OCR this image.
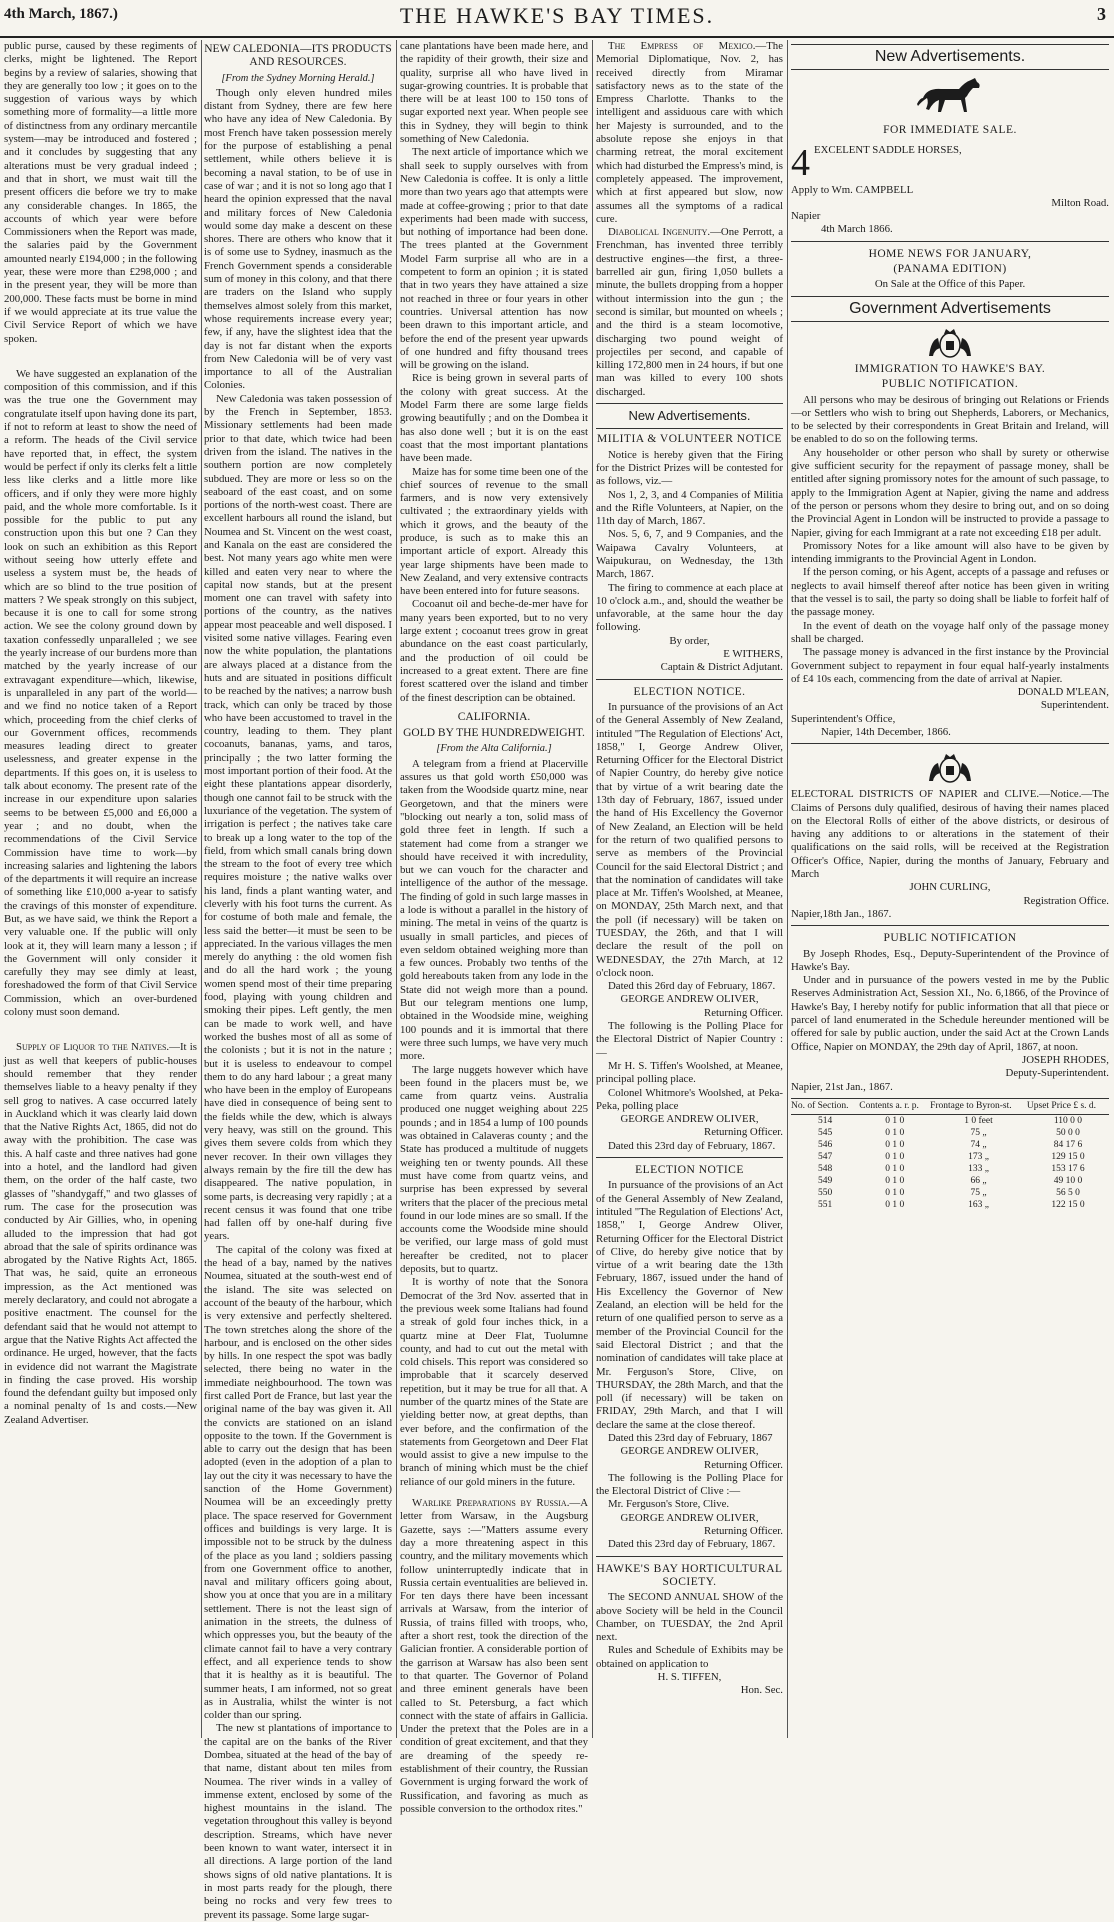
4th March, 1867.)	THE HAWKE'S BAY TIMES.	3

public purse, caused by these regiments of clerks, might be lightened. The Report begins by a review of salaries, showing that they are generally too low ; it goes on to the suggestion of various ways by which something more of formality—a little more of distinctness from any ordinary mercantile system—may be introduced and fostered ; and it concludes by suggesting that any alterations must be very gradual indeed ; and that in short, we must wait till the present officers die before we try to make any considerable changes. In 1865, the accounts of which year were before Commissioners when the Report was made, the salaries paid by the Government amounted nearly £194,000 ; in the following year, these were more than £298,000 ; and in the present year, they will be more than 200,000. These facts must be borne in mind if we would appreciate at its true value the Civil Service Report of which we have spoken.

We have suggested an explanation of the composition of this commission, and if this was the true one the Government may congratulate itself upon having done its part, if not to reform at least to show the need of a reform. The heads of the Civil service have reported that, in effect, the system would be perfect if only its clerks felt a little less like clerks and a little more like officers, and if only they were more highly paid, and the whole more comfortable. Is it possible for the public to put any construction upon this but one ? Can they look on such an exhibition as this Report without seeing how utterly effete and useless a system must be, the heads of which are so blind to the true position of matters ? We speak strongly on this subject, because it is one to call for some strong action. We see the colony ground down by taxation confessedly unparalleled ; we see the yearly increase of our burdens more than matched by the yearly increase of our extravagant expenditure—which, likewise, is unparalleled in any part of the world—and we find no notice taken of a Report which, proceeding from the chief clerks of our Government offices, recommends measures leading direct to greater uselessness, and greater expense in the departments. If this goes on, it is useless to talk about economy. The present rate of the increase in our expenditure upon salaries seems to be between £5,000 and £6,000 a year ; and no doubt, when the recommendations of the Civil Service Commission have time to work—by increasing salaries and lightening the labors of the departments it will require an increase of something like £10,000 a-year to satisfy the cravings of this monster of expenditure. But, as we have said, we think the Report a very valuable one. If the public will only look at it, they will learn many a lesson ; if the Government will only consider it carefully they may see dimly at least, foreshadowed the form of that Civil Service Commission, which an over-burdened colony must soon demand.

Supply of Liquor to the Natives.—It is just as well that keepers of public-houses should remember that they render themselves liable to a heavy penalty if they sell grog to natives. A case occurred lately in Auckland which it was clearly laid down that the Native Rights Act, 1865, did not do away with the prohibition. The case was this. A half caste and three natives had gone into a hotel, and the landlord had given them, on the order of the half caste, two glasses of "shandygaff," and two glasses of rum. The case for the prosecution was conducted by Air Gillies, who, in opening alluded to the impression that had got abroad that the sale of spirits ordinance was abrogated by the Native Rights Act, 1865. That was, he said, quite an erroneous impression, as the Act mentioned was merely declaratory, and could not abrogate a positive enactment. The counsel for the defendant said that he would not attempt to argue that the Native Rights Act affected the ordinance. He urged, however, that the facts in evidence did not warrant the Magistrate in finding the case proved. His worship found the defendant guilty but imposed only a nominal penalty of 1s and costs.—New Zealand Advertiser.

NEW CALEDONIA—ITS PRODUCTS AND RESOURCES.
[From the Sydney Morning Herald.]

Though only eleven hundred miles distant from Sydney, there are few here who have any idea of New Caledonia. By most French have taken possession merely for the purpose of establishing a penal settlement, while others believe it is becoming a naval station, to be of use in case of war ; and it is not so long ago that I heard the opinion expressed that the naval and military forces of New Caledonia would some day make a descent on these shores. There are others who know that it is of some use to Sydney, inasmuch as the French Government spends a considerable sum of money in this colony, and that there are traders on the Island who supply themselves almost solely from this market, whose requirements increase every year; few, if any, have the slightest idea that the day is not far distant when the exports from New Caledonia will be of very vast importance to all of the Australian Colonies.

New Caledonia was taken possession of by the French in September, 1853. Missionary settlements had been made prior to that date, which twice had been driven from the island. The natives in the southern portion are now completely subdued. They are more or less so on the seaboard of the east coast, and on some portions of the north-west coast. There are excellent harbours all round the island, but Noumea and St. Vincent on the west coast, and Kanala on the east are considered the best. Not many years ago white men were killed and eaten very near to where the capital now stands, but at the present moment one can travel with safety into portions of the country, as the natives appear most peaceable and well disposed. I visited some native villages. Fearing even now the white population, the plantations are always placed at a distance from the huts and are situated in positions difficult to be reached by the natives; a narrow bush track, which can only be traced by those who have been accustomed to travel in the country, leading to them. They plant cocoanuts, bananas, yams, and taros, principally ; the two latter forming the most important portion of their food. At the eight these plantations appear disorderly, though one cannot fail to be struck with the luxuriance of the vegetation. The system of irrigation is perfect ; the natives take care to break up a long water to the top of the field, from which small canals bring down the stream to the foot of every tree which requires moisture ; the native walks over his land, finds a plant wanting water, and cleverly with his foot turns the current. As for costume of both male and female, the less said the better—it must be seen to be appreciated. In the various villages the men merely do anything : the old women fish and do all the hard work ; the young women spend most of their time preparing food, playing with young children and smoking their pipes. Left gently, the men can be made to work well, and have worked the bushes most of all as some of the colonists ; but it is not in the nature ; but it is useless to endeavour to compel them to do any hard labour ; a great many who have been in the employ of Europeans have died in consequence of being sent to the fields while the dew, which is always very heavy, was still on the ground. This gives them severe colds from which they never recover. In their own villages they always remain by the fire till the dew has disappeared. The native population, in some parts, is decreasing very rapidly ; at a recent census it was found that one tribe had fallen off by one-half during five years.

The capital of the colony was fixed at the head of a bay, named by the natives Noumea, situated at the south-west end of the island. The site was selected on account of the beauty of the harbour, which is very extensive and perfectly sheltered. The town stretches along the shore of the harbour, and is enclosed on the other sides by hills. In one respect the spot was badly selected, there being no water in the immediate neighbourhood. The town was first called Port de France, but last year the original name of the bay was given it. All the convicts are stationed on an island opposite to the town. If the Government is able to carry out the design that has been adopted (even in the adoption of a plan to lay out the city it was necessary to have the sanction of the Home Government) Noumea will be an exceedingly pretty place. The space reserved for Government offices and buildings is very large. It is impossible not to be struck by the dulness of the place as you land ; soldiers passing from one Government office to another, naval and military officers going about, show you at once that you are in a military settlement. There is not the least sign of animation in the streets, the dulness of which oppresses you, but the beauty of the climate cannot fail to have a very contrary effect, and all experience tends to show that it is healthy as it is beautiful. The summer heats, I am informed, not so great as in Australia, whilst the winter is not colder than our spring.

The new st plantations of importance to the capital are on the banks of the River Dombea, situated at the head of the bay of that name, distant about ten miles from Noumea. The river winds in a valley of immense extent, enclosed by some of the highest mountains in the island. The vegetation throughout this valley is beyond description. Streams, which have never been known to want water, intersect it in all directions. A large portion of the land shows signs of old native plantations. It is in most parts ready for the plough, there being no rocks and very few trees to prevent its passage. Some large sugar-

cane plantations have been made here, and the rapidity of their growth, their size and quality, surprise all who have lived in sugar-growing countries. It is probable that there will be at least 100 to 150 tons of sugar exported next year. When people see this in Sydney, they will begin to think something of New Caledonia.

The next article of importance which we shall seek to supply ourselves with from New Caledonia is coffee. It is only a little more than two years ago that attempts were made at coffee-growing ; prior to that date experiments had been made with success, but nothing of importance had been done. The trees planted at the Government Model Farm surprise all who are in a competent to form an opinion ; it is stated that in two years they have attained a size not reached in three or four years in other countries. Universal attention has now been drawn to this important article, and before the end of the present year upwards of one hundred and fifty thousand trees will be growing on the island.

Rice is being grown in several parts of the colony with great success. At the Model Farm there are some large fields growing beautifully ; and on the Dombea it has also done well ; but it is on the east coast that the most important plantations have been made.

Maize has for some time been one of the chief sources of revenue to the small farmers, and is now very extensively cultivated ; the extraordinary yields with which it grows, and the beauty of the produce, is such as to make this an important article of export. Already this year large shipments have been made to New Zealand, and very extensive contracts have been entered into for future seasons.

Cocoanut oil and beche-de-mer have for many years been exported, but to no very large extent ; cocoanut trees grow in great abundance on the east coast particularly, and the production of oil could be increased to a great extent. There are fine forest scattered over the island and timber of the finest description can be obtained.

CALIFORNIA.
GOLD BY THE HUNDREDWEIGHT.
[From the Alta California.]

A telegram from a friend at Placerville assures us that gold worth £50,000 was taken from the Woodside quartz mine, near Georgetown, and that the miners were "blocking out nearly a ton, solid mass of gold three feet in length. If such a statement had come from a stranger we should have received it with incredulity, but we can vouch for the character and intelligence of the author of the message. The finding of gold in such large masses in a lode is without a parallel in the history of mining. The metal in veins of the quartz is usually in small particles, and pieces of even seldom obtained weighing more than a few ounces. Probably two tenths of the gold hereabouts taken from any lode in the State did not weigh more than a pound. But our telegram mentions one lump, obtained in the Woodside mine, weighing 100 pounds and it is immortal that there were three such lumps, we have very much more.

The large nuggets however which have been found in the placers must be, we came from quartz veins. Australia produced one nugget weighing about 225 pounds ; and in 1854 a lump of 100 pounds was obtained in Calaveras county ; and the State has produced a multitude of nuggets weighing ten or twenty pounds. All these must have come from quartz veins, and surprise has been expressed by several writers that the placer of the precious metal found in our lode mines are so small. If the accounts come the Woodside mine should be verified, our large mass of gold must hereafter be credited, not to placer deposits, but to quartz.

It is worthy of note that the Sonora Democrat of the 3rd Nov. asserted that in the previous week some Italians had found a streak of gold four inches thick, in a quartz mine at Deer Flat, Tuolumne county, and had to cut out the metal with cold chisels. This report was considered so improbable that it scarcely deserved repetition, but it may be true for all that. A number of the quartz mines of the State are yielding better now, at great depths, than ever before, and the confirmation of the statements from Georgetown and Deer Flat would assist to give a new impulse to the branch of mining which must be the chief reliance of our gold miners in the future.

Warlike Preparations by Russia.—A letter from Warsaw, in the Augsburg Gazette, says :—"Matters assume every day a more threatening aspect in this country, and the military movements which follow uninterruptedly indicate that in Russia certain eventualities are believed in. For ten days there have been incessant arrivals at Warsaw, from the interior of Russia, of trains filled with troops, who, after a short rest, took the direction of the Galician frontier. A considerable portion of the garrison at Warsaw has also been sent to that quarter. The Governor of Poland and three eminent generals have been called to St. Petersburg, a fact which connect with the state of affairs in Gallicia. Under the pretext that the Poles are in a condition of great excitement, and that they are dreaming of the speedy re-establishment of their country, the Russian Government is urging forward the work of Russification, and favoring as much as possible conversion to the orthodox rites."

The Empress of Mexico.—The Memorial Diplomatique, Nov. 2, has received directly from Miramar satisfactory news as to the state of the Empress Charlotte. Thanks to the intelligent and assiduous care with which her Majesty is surrounded, and to the absolute repose she enjoys in that charming retreat, the moral excitement which had disturbed the Empress's mind, is completely appeased. The improvement, which at first appeared but slow, now assumes all the symptoms of a radical cure.

Diabolical Ingenuity.—One Perrott, a Frenchman, has invented three terribly destructive engines—the first, a three-barrelled air gun, firing 1,050 bullets a minute, the bullets dropping from a hopper without intermission into the gun ; the second is similar, but mounted on wheels ; and the third is a steam locomotive, discharging two pound weight of projectiles per second, and capable of killing 172,800 men in 24 hours, if but one man was killed to every 100 shots discharged.

New Advertisements.
MILITIA & VOLUNTEER NOTICE

Notice is hereby given that the Firing for the District Prizes will be contested for as follows, viz.—

Nos 1, 2, 3, and 4 Companies of Militia and the Rifle Volunteers, at Napier, on the 11th day of March, 1867.

Nos. 5, 6, 7, and 9 Companies, and the Waipawa Cavalry Volunteers, at Waipukurau, on Wednesday, the 13th March, 1867.

The firing to commence at each place at 10 o'clock a.m., and, should the weather be unfavorable, at the same hour the day following.

By order,
E WITHERS,
Captain & District Adjutant.
ELECTION NOTICE.

In pursuance of the provisions of an Act of the General Assembly of New Zealand, intituled "The Regulation of Elections' Act, 1858," I, George Andrew Oliver, Returning Officer for the Electoral District of Napier Country, do hereby give notice that by virtue of a writ bearing date the 13th day of February, 1867, issued under the hand of His Excellency the Governor of New Zealand, an Election will be held for the return of two qualified persons to serve as members of the Provincial Council for the said Electoral District ; and that the nomination of candidates will take place at Mr. Tiffen's Woolshed, at Meanee, on MONDAY, 25th March next, and that the poll (if necessary) will be taken on TUESDAY, the 26th, and that I will declare the result of the poll on WEDNESDAY, the 27th March, at 12 o'clock noon.

Dated this 26rd day of February, 1867.

GEORGE ANDREW OLIVER,
Returning Officer.

The following is the Polling Place for the Electoral District of Napier Country :—

Mr H. S. Tiffen's Woolshed, at Meanee, principal polling place.

Colonel Whitmore's Woolshed, at Peka-Peka, polling place

GEORGE ANDREW OLIVER,
Returning Officer.

Dated this 23rd day of February, 1867.

ELECTION NOTICE

In pursuance of the provisions of an Act of the General Assembly of New Zealand, intituled "The Regulation of Elections' Act, 1858," I, George Andrew Oliver, Returning Officer for the Electoral District of Clive, do hereby give notice that by virtue of a writ bearing date the 13th February, 1867, issued under the hand of His Excellency the Governor of New Zealand, an election will be held for the return of one qualified person to serve as a member of the Provincial Council for the said Electoral District ; and that the nomination of candidates will take place at Mr. Ferguson's Store, Clive, on THURSDAY, the 28th March, and that the poll (if necessary) will be taken on FRIDAY, 29th March, and that I will declare the same at the close thereof.

Dated this 23rd day of February, 1867

GEORGE ANDREW OLIVER,
Returning Officer.

The following is the Polling Place for the Electoral District of Clive :—

Mr. Ferguson's Store, Clive.

GEORGE ANDREW OLIVER,
Returning Officer.

Dated this 23rd day of February, 1867.

HAWKE'S BAY HORTICULTURAL SOCIETY.

The SECOND ANNUAL SHOW of the above Society will be held in the Council Chamber, on TUESDAY, the 2nd April next.

Rules and Schedule of Exhibits may be obtained on application to

H. S. TIFFEN,
Hon. Sec.
New Advertisements.
FOR IMMEDIATE SALE.
4 EXCELENT SADDLE HORSES,
Apply to Wm. CAMPBELL
Milton Road.
Napier
4th March 1866.
HOME NEWS FOR JANUARY,
(PANAMA EDITION)
On Sale at the Office of this Paper.
Government Advertisements
IMMIGRATION TO HAWKE'S BAY.
PUBLIC NOTIFICATION.

All persons who may be desirous of bringing out Relations or Friends—or Settlers who wish to bring out Shepherds, Laborers, or Mechanics, to be selected by their correspondents in Great Britain and Ireland, will be enabled to do so on the following terms.

Any householder or other person who shall by surety or otherwise give sufficient security for the repayment of passage money, shall be entitled after signing promissory notes for the amount of such passage, to apply to the Immigration Agent at Napier, giving the name and address of the person or persons whom they desire to bring out, and on so doing the Provincial Agent in London will be instructed to provide a passage to Napier, giving for each Immigrant at a rate not exceeding £18 per adult.

Promissory Notes for a like amount will also have to be given by intending immigrants to the Provincial Agent in London.

If the person coming, or his Agent, accepts of a passage and refuses or neglects to avail himself thereof after notice has been given in writing that the vessel is to sail, the party so doing shall be liable to forfeit half of the passage money.

In the event of death on the voyage half only of the passage money shall be charged.

The passage money is advanced in the first instance by the Provincial Government subject to repayment in four equal half-yearly instalments of £4 10s each, commencing from the date of arrival at Napier.

DONALD M'LEAN,
Superintendent.
Superintendent's Office,
Napier, 14th December, 1866.

ELECTORAL DISTRICTS OF NAPIER and CLIVE.—Notice.—The Claims of Persons duly qualified, desirous of having their names placed on the Electoral Rolls of either of the above districts, or desirous of having any additions to or alterations in the statement of their qualifications on the said rolls, will be received at the Registration Officer's Office, Napier, during the months of January, February and March

JOHN CURLING,
Registration Office.
Napier,18th Jan., 1867.
PUBLIC NOTIFICATION

By Joseph Rhodes, Esq., Deputy-Superintendent of the Province of Hawke's Bay.

Under and in pursuance of the powers vested in me by the Public Reserves Administration Act, Session XI., No. 6,1866, of the Province of Hawke's Bay, I hereby notify for public information that all that piece or parcel of land enumerated in the Schedule hereunder mentioned will be offered for sale by public auction, under the said Act at the Crown Lands Office, Napier on MONDAY, the 29th day of April, 1867, at noon.

JOSEPH RHODES,
Deputy-Superintendent.
Napier, 21st Jan., 1867.
No. of Section.	Contents a. r. p.	Frontage to Byron-st.	Upset Price £ s. d.
514	0 1 0	1 0 feet	110 0 0
545	0 1 0	75 „	50 0 0
546	0 1 0	74 „	84 17 6
547	0 1 0	173 „	129 15 0
548	0 1 0	133 „	153 17 6
549	0 1 0	66 „	49 10 0
550	0 1 0	75 „	56 5 0
551	0 1 0	163 „	122 15 0
